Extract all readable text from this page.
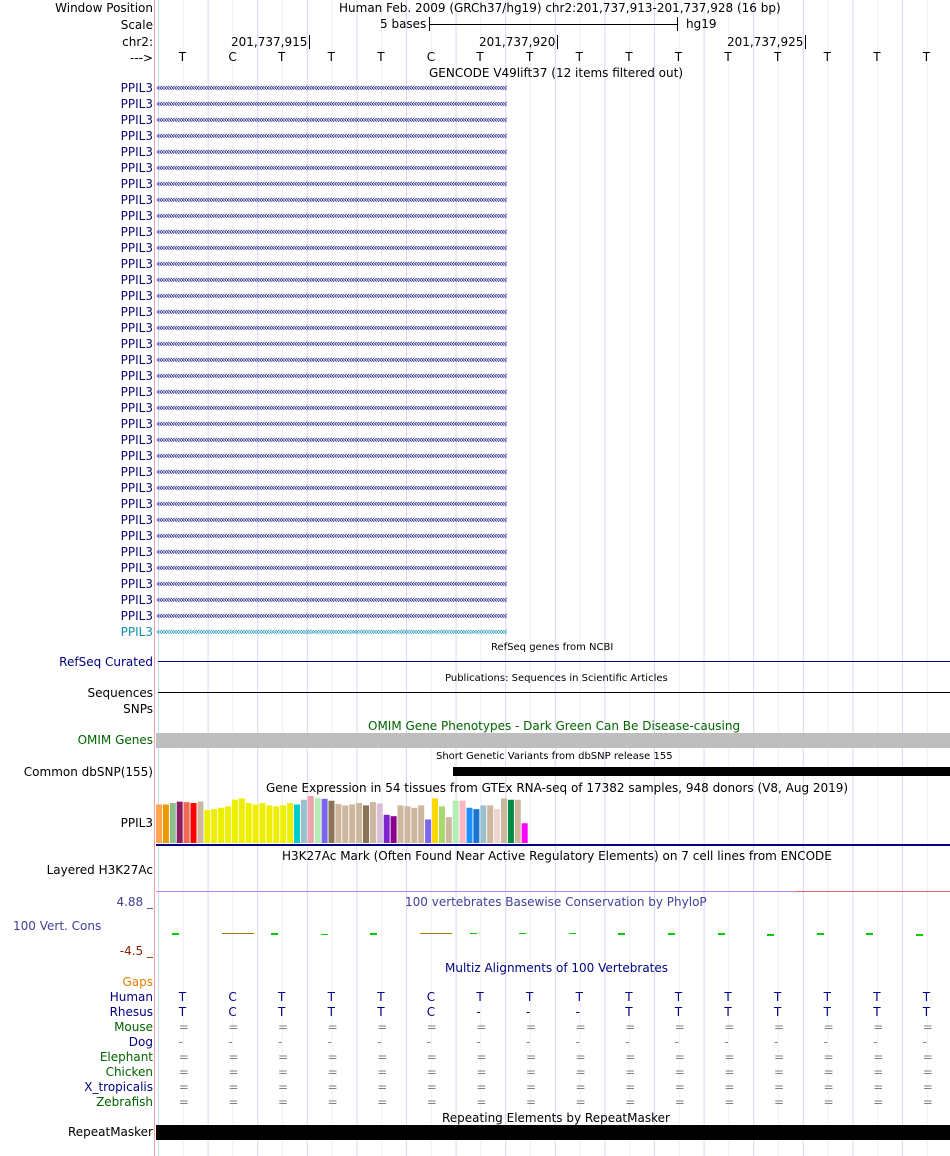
Window Position	Human Feb. 2009 (GRCh37/hg19) chr2:201,737,913-201,737,928 (16 bp)
Scale	5 bases	hg19
chr2:	201,737,915	201,737,920	201,737,925
---> T	C	T	T	T	C	T	T	T	T	T	T	T	T	T	T
GENCODE V49lift37 (12 items filtered out)
PPIL3 ‹‹‹‹‹‹‹‹‹‹‹‹‹‹‹‹‹‹‹‹‹‹‹‹‹‹‹‹‹‹‹‹‹‹‹‹‹‹‹‹‹‹‹‹‹‹‹‹‹‹‹‹‹‹‹‹‹‹‹‹‹‹‹‹‹‹‹‹‹‹‹‹‹‹‹‹‹‹‹‹‹‹‹‹‹‹‹‹‹‹‹‹‹‹‹‹‹‹‹‹‹‹‹‹‹‹‹‹‹‹‹‹‹‹‹‹‹‹‹‹‹‹‹‹‹‹‹‹‹‹‹‹‹‹‹‹‹‹‹‹
PPIL3 ‹‹‹‹‹‹‹‹‹‹‹‹‹‹‹‹‹‹‹‹‹‹‹‹‹‹‹‹‹‹‹‹‹‹‹‹‹‹‹‹‹‹‹‹‹‹‹‹‹‹‹‹‹‹‹‹‹‹‹‹‹‹‹‹‹‹‹‹‹‹‹‹‹‹‹‹‹‹‹‹‹‹‹‹‹‹‹‹‹‹‹‹‹‹‹‹‹‹‹‹‹‹‹‹‹‹‹‹‹‹‹‹‹‹‹‹‹‹‹‹‹‹‹‹‹‹‹‹‹‹‹‹‹‹‹‹‹‹‹‹
PPIL3 ‹‹‹‹‹‹‹‹‹‹‹‹‹‹‹‹‹‹‹‹‹‹‹‹‹‹‹‹‹‹‹‹‹‹‹‹‹‹‹‹‹‹‹‹‹‹‹‹‹‹‹‹‹‹‹‹‹‹‹‹‹‹‹‹‹‹‹‹‹‹‹‹‹‹‹‹‹‹‹‹‹‹‹‹‹‹‹‹‹‹‹‹‹‹‹‹‹‹‹‹‹‹‹‹‹‹‹‹‹‹‹‹‹‹‹‹‹‹‹‹‹‹‹‹‹‹‹‹‹‹‹‹‹‹‹‹‹‹‹‹
PPIL3 ‹‹‹‹‹‹‹‹‹‹‹‹‹‹‹‹‹‹‹‹‹‹‹‹‹‹‹‹‹‹‹‹‹‹‹‹‹‹‹‹‹‹‹‹‹‹‹‹‹‹‹‹‹‹‹‹‹‹‹‹‹‹‹‹‹‹‹‹‹‹‹‹‹‹‹‹‹‹‹‹‹‹‹‹‹‹‹‹‹‹‹‹‹‹‹‹‹‹‹‹‹‹‹‹‹‹‹‹‹‹‹‹‹‹‹‹‹‹‹‹‹‹‹‹‹‹‹‹‹‹‹‹‹‹‹‹‹‹‹‹
PPIL3 ‹‹‹‹‹‹‹‹‹‹‹‹‹‹‹‹‹‹‹‹‹‹‹‹‹‹‹‹‹‹‹‹‹‹‹‹‹‹‹‹‹‹‹‹‹‹‹‹‹‹‹‹‹‹‹‹‹‹‹‹‹‹‹‹‹‹‹‹‹‹‹‹‹‹‹‹‹‹‹‹‹‹‹‹‹‹‹‹‹‹‹‹‹‹‹‹‹‹‹‹‹‹‹‹‹‹‹‹‹‹‹‹‹‹‹‹‹‹‹‹‹‹‹‹‹‹‹‹‹‹‹‹‹‹‹‹‹‹‹‹
PPIL3 ‹‹‹‹‹‹‹‹‹‹‹‹‹‹‹‹‹‹‹‹‹‹‹‹‹‹‹‹‹‹‹‹‹‹‹‹‹‹‹‹‹‹‹‹‹‹‹‹‹‹‹‹‹‹‹‹‹‹‹‹‹‹‹‹‹‹‹‹‹‹‹‹‹‹‹‹‹‹‹‹‹‹‹‹‹‹‹‹‹‹‹‹‹‹‹‹‹‹‹‹‹‹‹‹‹‹‹‹‹‹‹‹‹‹‹‹‹‹‹‹‹‹‹‹‹‹‹‹‹‹‹‹‹‹‹‹‹‹‹‹
PPIL3 ‹‹‹‹‹‹‹‹‹‹‹‹‹‹‹‹‹‹‹‹‹‹‹‹‹‹‹‹‹‹‹‹‹‹‹‹‹‹‹‹‹‹‹‹‹‹‹‹‹‹‹‹‹‹‹‹‹‹‹‹‹‹‹‹‹‹‹‹‹‹‹‹‹‹‹‹‹‹‹‹‹‹‹‹‹‹‹‹‹‹‹‹‹‹‹‹‹‹‹‹‹‹‹‹‹‹‹‹‹‹‹‹‹‹‹‹‹‹‹‹‹‹‹‹‹‹‹‹‹‹‹‹‹‹‹‹‹‹‹‹
PPIL3 ‹‹‹‹‹‹‹‹‹‹‹‹‹‹‹‹‹‹‹‹‹‹‹‹‹‹‹‹‹‹‹‹‹‹‹‹‹‹‹‹‹‹‹‹‹‹‹‹‹‹‹‹‹‹‹‹‹‹‹‹‹‹‹‹‹‹‹‹‹‹‹‹‹‹‹‹‹‹‹‹‹‹‹‹‹‹‹‹‹‹‹‹‹‹‹‹‹‹‹‹‹‹‹‹‹‹‹‹‹‹‹‹‹‹‹‹‹‹‹‹‹‹‹‹‹‹‹‹‹‹‹‹‹‹‹‹‹‹‹‹
PPIL3 ‹‹‹‹‹‹‹‹‹‹‹‹‹‹‹‹‹‹‹‹‹‹‹‹‹‹‹‹‹‹‹‹‹‹‹‹‹‹‹‹‹‹‹‹‹‹‹‹‹‹‹‹‹‹‹‹‹‹‹‹‹‹‹‹‹‹‹‹‹‹‹‹‹‹‹‹‹‹‹‹‹‹‹‹‹‹‹‹‹‹‹‹‹‹‹‹‹‹‹‹‹‹‹‹‹‹‹‹‹‹‹‹‹‹‹‹‹‹‹‹‹‹‹‹‹‹‹‹‹‹‹‹‹‹‹‹‹‹‹‹
PPIL3 ‹‹‹‹‹‹‹‹‹‹‹‹‹‹‹‹‹‹‹‹‹‹‹‹‹‹‹‹‹‹‹‹‹‹‹‹‹‹‹‹‹‹‹‹‹‹‹‹‹‹‹‹‹‹‹‹‹‹‹‹‹‹‹‹‹‹‹‹‹‹‹‹‹‹‹‹‹‹‹‹‹‹‹‹‹‹‹‹‹‹‹‹‹‹‹‹‹‹‹‹‹‹‹‹‹‹‹‹‹‹‹‹‹‹‹‹‹‹‹‹‹‹‹‹‹‹‹‹‹‹‹‹‹‹‹‹‹‹‹‹
PPIL3 ‹‹‹‹‹‹‹‹‹‹‹‹‹‹‹‹‹‹‹‹‹‹‹‹‹‹‹‹‹‹‹‹‹‹‹‹‹‹‹‹‹‹‹‹‹‹‹‹‹‹‹‹‹‹‹‹‹‹‹‹‹‹‹‹‹‹‹‹‹‹‹‹‹‹‹‹‹‹‹‹‹‹‹‹‹‹‹‹‹‹‹‹‹‹‹‹‹‹‹‹‹‹‹‹‹‹‹‹‹‹‹‹‹‹‹‹‹‹‹‹‹‹‹‹‹‹‹‹‹‹‹‹‹‹‹‹‹‹‹‹
PPIL3 ‹‹‹‹‹‹‹‹‹‹‹‹‹‹‹‹‹‹‹‹‹‹‹‹‹‹‹‹‹‹‹‹‹‹‹‹‹‹‹‹‹‹‹‹‹‹‹‹‹‹‹‹‹‹‹‹‹‹‹‹‹‹‹‹‹‹‹‹‹‹‹‹‹‹‹‹‹‹‹‹‹‹‹‹‹‹‹‹‹‹‹‹‹‹‹‹‹‹‹‹‹‹‹‹‹‹‹‹‹‹‹‹‹‹‹‹‹‹‹‹‹‹‹‹‹‹‹‹‹‹‹‹‹‹‹‹‹‹‹‹
PPIL3 ‹‹‹‹‹‹‹‹‹‹‹‹‹‹‹‹‹‹‹‹‹‹‹‹‹‹‹‹‹‹‹‹‹‹‹‹‹‹‹‹‹‹‹‹‹‹‹‹‹‹‹‹‹‹‹‹‹‹‹‹‹‹‹‹‹‹‹‹‹‹‹‹‹‹‹‹‹‹‹‹‹‹‹‹‹‹‹‹‹‹‹‹‹‹‹‹‹‹‹‹‹‹‹‹‹‹‹‹‹‹‹‹‹‹‹‹‹‹‹‹‹‹‹‹‹‹‹‹‹‹‹‹‹‹‹‹‹‹‹‹
PPIL3 ‹‹‹‹‹‹‹‹‹‹‹‹‹‹‹‹‹‹‹‹‹‹‹‹‹‹‹‹‹‹‹‹‹‹‹‹‹‹‹‹‹‹‹‹‹‹‹‹‹‹‹‹‹‹‹‹‹‹‹‹‹‹‹‹‹‹‹‹‹‹‹‹‹‹‹‹‹‹‹‹‹‹‹‹‹‹‹‹‹‹‹‹‹‹‹‹‹‹‹‹‹‹‹‹‹‹‹‹‹‹‹‹‹‹‹‹‹‹‹‹‹‹‹‹‹‹‹‹‹‹‹‹‹‹‹‹‹‹‹‹
PPIL3 ‹‹‹‹‹‹‹‹‹‹‹‹‹‹‹‹‹‹‹‹‹‹‹‹‹‹‹‹‹‹‹‹‹‹‹‹‹‹‹‹‹‹‹‹‹‹‹‹‹‹‹‹‹‹‹‹‹‹‹‹‹‹‹‹‹‹‹‹‹‹‹‹‹‹‹‹‹‹‹‹‹‹‹‹‹‹‹‹‹‹‹‹‹‹‹‹‹‹‹‹‹‹‹‹‹‹‹‹‹‹‹‹‹‹‹‹‹‹‹‹‹‹‹‹‹‹‹‹‹‹‹‹‹‹‹‹‹‹‹‹
PPIL3 ‹‹‹‹‹‹‹‹‹‹‹‹‹‹‹‹‹‹‹‹‹‹‹‹‹‹‹‹‹‹‹‹‹‹‹‹‹‹‹‹‹‹‹‹‹‹‹‹‹‹‹‹‹‹‹‹‹‹‹‹‹‹‹‹‹‹‹‹‹‹‹‹‹‹‹‹‹‹‹‹‹‹‹‹‹‹‹‹‹‹‹‹‹‹‹‹‹‹‹‹‹‹‹‹‹‹‹‹‹‹‹‹‹‹‹‹‹‹‹‹‹‹‹‹‹‹‹‹‹‹‹‹‹‹‹‹‹‹‹‹
PPIL3 ‹‹‹‹‹‹‹‹‹‹‹‹‹‹‹‹‹‹‹‹‹‹‹‹‹‹‹‹‹‹‹‹‹‹‹‹‹‹‹‹‹‹‹‹‹‹‹‹‹‹‹‹‹‹‹‹‹‹‹‹‹‹‹‹‹‹‹‹‹‹‹‹‹‹‹‹‹‹‹‹‹‹‹‹‹‹‹‹‹‹‹‹‹‹‹‹‹‹‹‹‹‹‹‹‹‹‹‹‹‹‹‹‹‹‹‹‹‹‹‹‹‹‹‹‹‹‹‹‹‹‹‹‹‹‹‹‹‹‹‹
PPIL3 ‹‹‹‹‹‹‹‹‹‹‹‹‹‹‹‹‹‹‹‹‹‹‹‹‹‹‹‹‹‹‹‹‹‹‹‹‹‹‹‹‹‹‹‹‹‹‹‹‹‹‹‹‹‹‹‹‹‹‹‹‹‹‹‹‹‹‹‹‹‹‹‹‹‹‹‹‹‹‹‹‹‹‹‹‹‹‹‹‹‹‹‹‹‹‹‹‹‹‹‹‹‹‹‹‹‹‹‹‹‹‹‹‹‹‹‹‹‹‹‹‹‹‹‹‹‹‹‹‹‹‹‹‹‹‹‹‹‹‹‹
PPIL3 ‹‹‹‹‹‹‹‹‹‹‹‹‹‹‹‹‹‹‹‹‹‹‹‹‹‹‹‹‹‹‹‹‹‹‹‹‹‹‹‹‹‹‹‹‹‹‹‹‹‹‹‹‹‹‹‹‹‹‹‹‹‹‹‹‹‹‹‹‹‹‹‹‹‹‹‹‹‹‹‹‹‹‹‹‹‹‹‹‹‹‹‹‹‹‹‹‹‹‹‹‹‹‹‹‹‹‹‹‹‹‹‹‹‹‹‹‹‹‹‹‹‹‹‹‹‹‹‹‹‹‹‹‹‹‹‹‹‹‹‹
PPIL3 ‹‹‹‹‹‹‹‹‹‹‹‹‹‹‹‹‹‹‹‹‹‹‹‹‹‹‹‹‹‹‹‹‹‹‹‹‹‹‹‹‹‹‹‹‹‹‹‹‹‹‹‹‹‹‹‹‹‹‹‹‹‹‹‹‹‹‹‹‹‹‹‹‹‹‹‹‹‹‹‹‹‹‹‹‹‹‹‹‹‹‹‹‹‹‹‹‹‹‹‹‹‹‹‹‹‹‹‹‹‹‹‹‹‹‹‹‹‹‹‹‹‹‹‹‹‹‹‹‹‹‹‹‹‹‹‹‹‹‹‹
PPIL3 ‹‹‹‹‹‹‹‹‹‹‹‹‹‹‹‹‹‹‹‹‹‹‹‹‹‹‹‹‹‹‹‹‹‹‹‹‹‹‹‹‹‹‹‹‹‹‹‹‹‹‹‹‹‹‹‹‹‹‹‹‹‹‹‹‹‹‹‹‹‹‹‹‹‹‹‹‹‹‹‹‹‹‹‹‹‹‹‹‹‹‹‹‹‹‹‹‹‹‹‹‹‹‹‹‹‹‹‹‹‹‹‹‹‹‹‹‹‹‹‹‹‹‹‹‹‹‹‹‹‹‹‹‹‹‹‹‹‹‹‹
PPIL3 ‹‹‹‹‹‹‹‹‹‹‹‹‹‹‹‹‹‹‹‹‹‹‹‹‹‹‹‹‹‹‹‹‹‹‹‹‹‹‹‹‹‹‹‹‹‹‹‹‹‹‹‹‹‹‹‹‹‹‹‹‹‹‹‹‹‹‹‹‹‹‹‹‹‹‹‹‹‹‹‹‹‹‹‹‹‹‹‹‹‹‹‹‹‹‹‹‹‹‹‹‹‹‹‹‹‹‹‹‹‹‹‹‹‹‹‹‹‹‹‹‹‹‹‹‹‹‹‹‹‹‹‹‹‹‹‹‹‹‹‹
PPIL3 ‹‹‹‹‹‹‹‹‹‹‹‹‹‹‹‹‹‹‹‹‹‹‹‹‹‹‹‹‹‹‹‹‹‹‹‹‹‹‹‹‹‹‹‹‹‹‹‹‹‹‹‹‹‹‹‹‹‹‹‹‹‹‹‹‹‹‹‹‹‹‹‹‹‹‹‹‹‹‹‹‹‹‹‹‹‹‹‹‹‹‹‹‹‹‹‹‹‹‹‹‹‹‹‹‹‹‹‹‹‹‹‹‹‹‹‹‹‹‹‹‹‹‹‹‹‹‹‹‹‹‹‹‹‹‹‹‹‹‹‹
PPIL3 ‹‹‹‹‹‹‹‹‹‹‹‹‹‹‹‹‹‹‹‹‹‹‹‹‹‹‹‹‹‹‹‹‹‹‹‹‹‹‹‹‹‹‹‹‹‹‹‹‹‹‹‹‹‹‹‹‹‹‹‹‹‹‹‹‹‹‹‹‹‹‹‹‹‹‹‹‹‹‹‹‹‹‹‹‹‹‹‹‹‹‹‹‹‹‹‹‹‹‹‹‹‹‹‹‹‹‹‹‹‹‹‹‹‹‹‹‹‹‹‹‹‹‹‹‹‹‹‹‹‹‹‹‹‹‹‹‹‹‹‹
PPIL3 ‹‹‹‹‹‹‹‹‹‹‹‹‹‹‹‹‹‹‹‹‹‹‹‹‹‹‹‹‹‹‹‹‹‹‹‹‹‹‹‹‹‹‹‹‹‹‹‹‹‹‹‹‹‹‹‹‹‹‹‹‹‹‹‹‹‹‹‹‹‹‹‹‹‹‹‹‹‹‹‹‹‹‹‹‹‹‹‹‹‹‹‹‹‹‹‹‹‹‹‹‹‹‹‹‹‹‹‹‹‹‹‹‹‹‹‹‹‹‹‹‹‹‹‹‹‹‹‹‹‹‹‹‹‹‹‹‹‹‹‹
PPIL3 ‹‹‹‹‹‹‹‹‹‹‹‹‹‹‹‹‹‹‹‹‹‹‹‹‹‹‹‹‹‹‹‹‹‹‹‹‹‹‹‹‹‹‹‹‹‹‹‹‹‹‹‹‹‹‹‹‹‹‹‹‹‹‹‹‹‹‹‹‹‹‹‹‹‹‹‹‹‹‹‹‹‹‹‹‹‹‹‹‹‹‹‹‹‹‹‹‹‹‹‹‹‹‹‹‹‹‹‹‹‹‹‹‹‹‹‹‹‹‹‹‹‹‹‹‹‹‹‹‹‹‹‹‹‹‹‹‹‹‹‹
PPIL3 ‹‹‹‹‹‹‹‹‹‹‹‹‹‹‹‹‹‹‹‹‹‹‹‹‹‹‹‹‹‹‹‹‹‹‹‹‹‹‹‹‹‹‹‹‹‹‹‹‹‹‹‹‹‹‹‹‹‹‹‹‹‹‹‹‹‹‹‹‹‹‹‹‹‹‹‹‹‹‹‹‹‹‹‹‹‹‹‹‹‹‹‹‹‹‹‹‹‹‹‹‹‹‹‹‹‹‹‹‹‹‹‹‹‹‹‹‹‹‹‹‹‹‹‹‹‹‹‹‹‹‹‹‹‹‹‹‹‹‹‹
PPIL3 ‹‹‹‹‹‹‹‹‹‹‹‹‹‹‹‹‹‹‹‹‹‹‹‹‹‹‹‹‹‹‹‹‹‹‹‹‹‹‹‹‹‹‹‹‹‹‹‹‹‹‹‹‹‹‹‹‹‹‹‹‹‹‹‹‹‹‹‹‹‹‹‹‹‹‹‹‹‹‹‹‹‹‹‹‹‹‹‹‹‹‹‹‹‹‹‹‹‹‹‹‹‹‹‹‹‹‹‹‹‹‹‹‹‹‹‹‹‹‹‹‹‹‹‹‹‹‹‹‹‹‹‹‹‹‹‹‹‹‹‹
PPIL3 ‹‹‹‹‹‹‹‹‹‹‹‹‹‹‹‹‹‹‹‹‹‹‹‹‹‹‹‹‹‹‹‹‹‹‹‹‹‹‹‹‹‹‹‹‹‹‹‹‹‹‹‹‹‹‹‹‹‹‹‹‹‹‹‹‹‹‹‹‹‹‹‹‹‹‹‹‹‹‹‹‹‹‹‹‹‹‹‹‹‹‹‹‹‹‹‹‹‹‹‹‹‹‹‹‹‹‹‹‹‹‹‹‹‹‹‹‹‹‹‹‹‹‹‹‹‹‹‹‹‹‹‹‹‹‹‹‹‹‹‹
PPIL3 ‹‹‹‹‹‹‹‹‹‹‹‹‹‹‹‹‹‹‹‹‹‹‹‹‹‹‹‹‹‹‹‹‹‹‹‹‹‹‹‹‹‹‹‹‹‹‹‹‹‹‹‹‹‹‹‹‹‹‹‹‹‹‹‹‹‹‹‹‹‹‹‹‹‹‹‹‹‹‹‹‹‹‹‹‹‹‹‹‹‹‹‹‹‹‹‹‹‹‹‹‹‹‹‹‹‹‹‹‹‹‹‹‹‹‹‹‹‹‹‹‹‹‹‹‹‹‹‹‹‹‹‹‹‹‹‹‹‹‹‹
PPIL3 ‹‹‹‹‹‹‹‹‹‹‹‹‹‹‹‹‹‹‹‹‹‹‹‹‹‹‹‹‹‹‹‹‹‹‹‹‹‹‹‹‹‹‹‹‹‹‹‹‹‹‹‹‹‹‹‹‹‹‹‹‹‹‹‹‹‹‹‹‹‹‹‹‹‹‹‹‹‹‹‹‹‹‹‹‹‹‹‹‹‹‹‹‹‹‹‹‹‹‹‹‹‹‹‹‹‹‹‹‹‹‹‹‹‹‹‹‹‹‹‹‹‹‹‹‹‹‹‹‹‹‹‹‹‹‹‹‹‹‹‹
PPIL3 ‹‹‹‹‹‹‹‹‹‹‹‹‹‹‹‹‹‹‹‹‹‹‹‹‹‹‹‹‹‹‹‹‹‹‹‹‹‹‹‹‹‹‹‹‹‹‹‹‹‹‹‹‹‹‹‹‹‹‹‹‹‹‹‹‹‹‹‹‹‹‹‹‹‹‹‹‹‹‹‹‹‹‹‹‹‹‹‹‹‹‹‹‹‹‹‹‹‹‹‹‹‹‹‹‹‹‹‹‹‹‹‹‹‹‹‹‹‹‹‹‹‹‹‹‹‹‹‹‹‹‹‹‹‹‹‹‹‹‹‹
PPIL3 ‹‹‹‹‹‹‹‹‹‹‹‹‹‹‹‹‹‹‹‹‹‹‹‹‹‹‹‹‹‹‹‹‹‹‹‹‹‹‹‹‹‹‹‹‹‹‹‹‹‹‹‹‹‹‹‹‹‹‹‹‹‹‹‹‹‹‹‹‹‹‹‹‹‹‹‹‹‹‹‹‹‹‹‹‹‹‹‹‹‹‹‹‹‹‹‹‹‹‹‹‹‹‹‹‹‹‹‹‹‹‹‹‹‹‹‹‹‹‹‹‹‹‹‹‹‹‹‹‹‹‹‹‹‹‹‹‹‹‹‹
PPIL3 ‹‹‹‹‹‹‹‹‹‹‹‹‹‹‹‹‹‹‹‹‹‹‹‹‹‹‹‹‹‹‹‹‹‹‹‹‹‹‹‹‹‹‹‹‹‹‹‹‹‹‹‹‹‹‹‹‹‹‹‹‹‹‹‹‹‹‹‹‹‹‹‹‹‹‹‹‹‹‹‹‹‹‹‹‹‹‹‹‹‹‹‹‹‹‹‹‹‹‹‹‹‹‹‹‹‹‹‹‹‹‹‹‹‹‹‹‹‹‹‹‹‹‹‹‹‹‹‹‹‹‹‹‹‹‹‹‹‹‹‹
PPIL3 ‹‹‹‹‹‹‹‹‹‹‹‹‹‹‹‹‹‹‹‹‹‹‹‹‹‹‹‹‹‹‹‹‹‹‹‹‹‹‹‹‹‹‹‹‹‹‹‹‹‹‹‹‹‹‹‹‹‹‹‹‹‹‹‹‹‹‹‹‹‹‹‹‹‹‹‹‹‹‹‹‹‹‹‹‹‹‹‹‹‹‹‹‹‹‹‹‹‹‹‹‹‹‹‹‹‹‹‹‹‹‹‹‹‹‹‹‹‹‹‹‹‹‹‹‹‹‹‹‹‹‹‹‹‹‹‹‹‹‹‹
RefSeq genes from NCBI
RefSeq Curated
Publications: Sequences in Scientific Articles
Sequences
SNPs
OMIM Gene Phenotypes - Dark Green Can Be Disease-causing
OMIM Genes
Short Genetic Variants from dbSNP release 155
Common dbSNP(155)
Gene Expression in 54 tissues from GTEx RNA-seq of 17382 samples, 948 donors (V8, Aug 2019)
PPIL3
H3K27Ac Mark (Often Found Near Active Regulatory Elements) on 7 cell lines from ENCODE
Layered H3K27Ac
100 vertebrates Basewise Conservation by PhyloP
4.88 _
100 Vert. Cons
-4.5 _
Multiz Alignments of 100 Vertebrates
Gaps
Human T	C	T	T	T	C	T	T	T	T	T	T	T	T	T	T
Rhesus T	C	T	T	T	C	-	-	-	T	T	T	T	T	T	T
Mouse =	=	=	=	=	=	=	=	=	=	=	=	=	=	=	=
Dog -	-	-	-	-	-	-	-	-	-	-	-	-	-	-	-
Elephant =	=	=	=	=	=	=	=	=	=	=	=	=	=	=	=
Chicken =	=	=	=	=	=	=	=	=	=	=	=	=	=	=	=
X_tropicalis =	=	=	=	=	=	=	=	=	=	=	=	=	=	=	=
Zebrafish =	=	=	=	=	=	=	=	=	=	=	=	=	=	=	=
Repeating Elements by RepeatMasker
RepeatMasker
